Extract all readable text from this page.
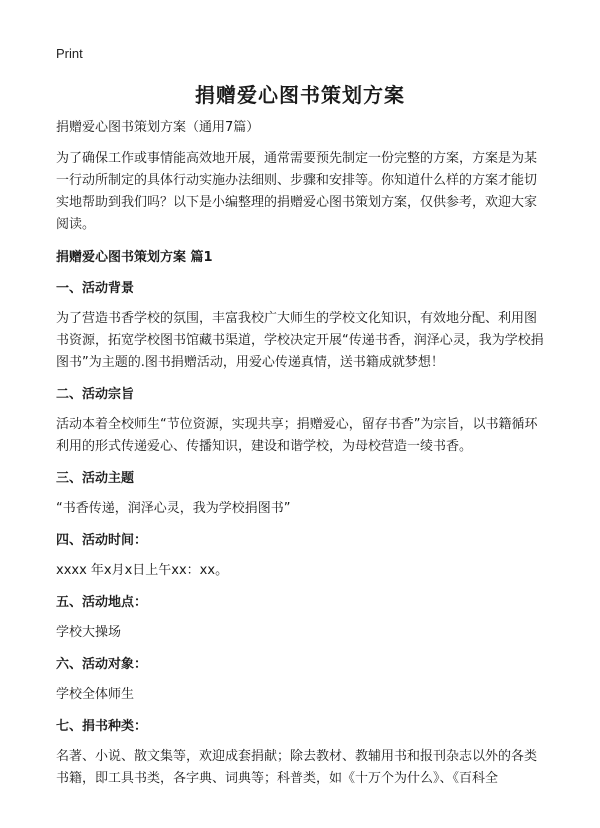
Print
捐赠爱心图书策划方案
捐赠爱心图书策划方案（通用7篇）

为了确保工作或事情能高效地开展，通常需要预先制定一份完整的方案，方案是为某一行动所制定的具体行动实施办法细则、步骤和安排等。你知道什么样的方案才能切实地帮助到我们吗？以下是小编整理的捐赠爱心图书策划方案，仅供参考，欢迎大家阅读。

捐赠爱心图书策划方案 篇1
一、活动背景

为了营造书香学校的氛围，丰富我校广大师生的学校文化知识，有效地分配、利用图书资源，拓宽学校图书馆藏书渠道，学校决定开展“传递书香，润泽心灵，我为学校捐图书”为主题的.图书捐赠活动，用爱心传递真情，送书籍成就梦想！

二、活动宗旨

活动本着全校师生“节位资源，实现共享；捐赠爱心，留存书香”为宗旨，以书籍循环利用的形式传递爱心、传播知识，建设和谐学校，为母校营造一绫书香。

三、活动主题

“书香传递，润泽心灵，我为学校捐图书”

四、活动时间：

xxxx 年x月x日上午xx：xx。

五、活动地点：

学校大操场

六、活动对象：

学校全体师生

七、捐书种类：

名著、小说、散文集等，欢迎成套捐献；除去教材、教辅用书和报刊杂志以外的各类书籍，即工具书类，各字典、词典等；科普类，如《十万个为什么》、《百科全
